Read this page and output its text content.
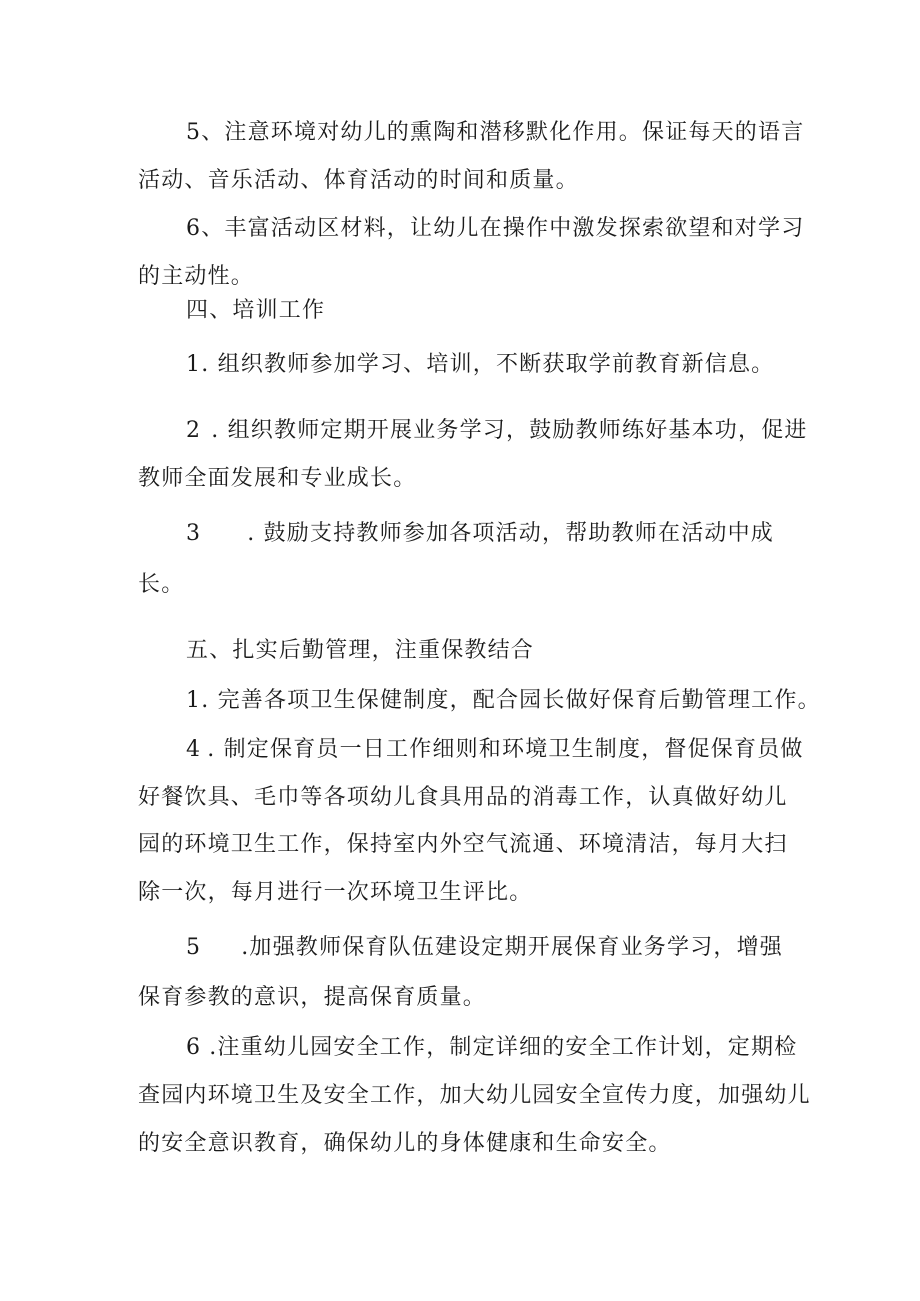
5、注意环境对幼儿的熏陶和潜移默化作用。保证每天的语言
活动、音乐活动、体育活动的时间和质量。
6、丰富活动区材料，让幼儿在操作中激发探索欲望和对学习
的主动性。
四、培训工作
1. 组织教师参加学习、培训，不断获取学前教育新信息。
2 . 组织教师定期开展业务学习，鼓励教师练好基本功，促进
教师全面发展和专业成长。
3 . 鼓励支持教师参加各项活动，帮助教师在活动中成
长。
五、扎实后勤管理，注重保教结合
1. 完善各项卫生保健制度，配合园长做好保育后勤管理工作。
4 . 制定保育员一日工作细则和环境卫生制度，督促保育员做
好餐饮具、毛巾等各项幼儿食具用品的消毒工作，认真做好幼儿
园的环境卫生工作，保持室内外空气流通、环境清洁，每月大扫
除一次，每月进行一次环境卫生评比。
5 .加强教师保育队伍建设定期开展保育业务学习，增强
保育参教的意识，提高保育质量。
6 .注重幼儿园安全工作，制定详细的安全工作计划，定期检
查园内环境卫生及安全工作，加大幼儿园安全宣传力度，加强幼儿
的安全意识教育，确保幼儿的身体健康和生命安全。
